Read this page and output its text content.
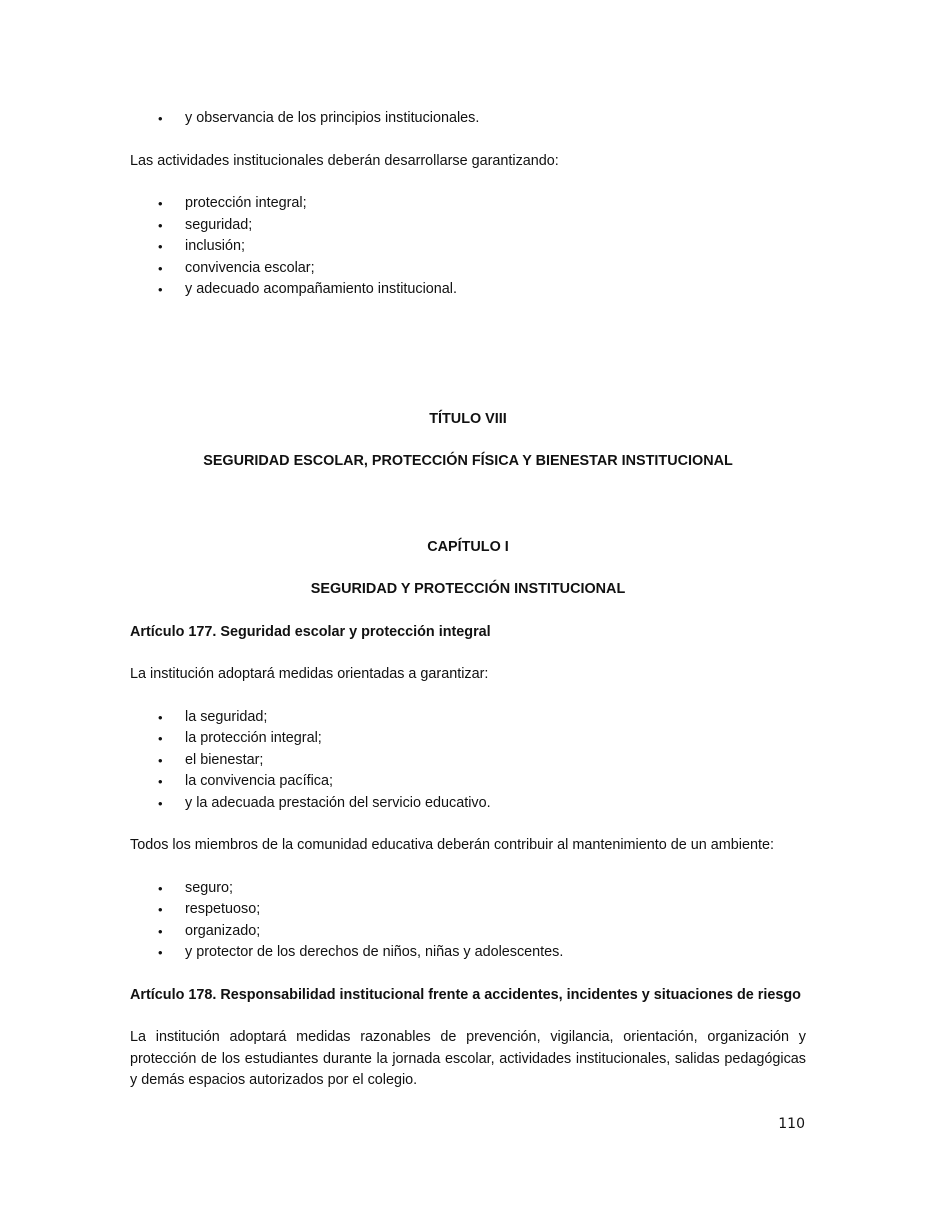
• y observancia de los principios institucionales.

Las actividades institucionales deberán desarrollarse garantizando:

• protección integral;
• seguridad;
• inclusión;
• convivencia escolar;
• y adecuado acompañamiento institucional.

TÍTULO VIII

SEGURIDAD ESCOLAR, PROTECCIÓN FÍSICA Y BIENESTAR INSTITUCIONAL

CAPÍTULO I

SEGURIDAD Y PROTECCIÓN INSTITUCIONAL

Artículo 177. Seguridad escolar y protección integral

La institución adoptará medidas orientadas a garantizar:

• la seguridad;
• la protección integral;
• el bienestar;
• la convivencia pacífica;
• y la adecuada prestación del servicio educativo.

Todos los miembros de la comunidad educativa deberán contribuir al mantenimiento de un ambiente:

• seguro;
• respetuoso;
• organizado;
• y protector de los derechos de niños, niñas y adolescentes.

Artículo 178. Responsabilidad institucional frente a accidentes, incidentes y situaciones de riesgo

La institución adoptará medidas razonables de prevención, vigilancia, orientación, organización y protección de los estudiantes durante la jornada escolar, actividades institucionales, salidas pedagógicas y demás espacios autorizados por el colegio.

110
